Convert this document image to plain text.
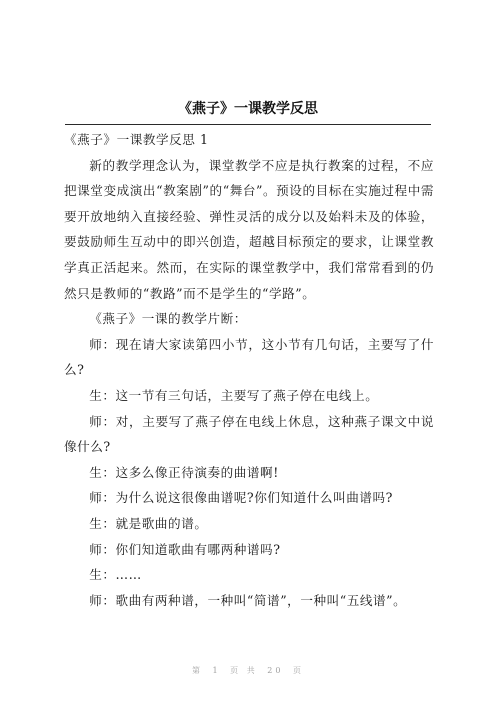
《燕子》一课教学反思

《燕子》一课教学反思 1

新的教学理念认为，课堂教学不应是执行教案的过程，不应把课堂变成演出“教案剧”的“舞台”。预设的目标在实施过程中需要开放地纳入直接经验、弹性灵活的成分以及始料未及的体验，要鼓励师生互动中的即兴创造，超越目标预定的要求，让课堂教学真正活起来。然而，在实际的课堂教学中，我们常常看到的仍然只是教师的“教路”而不是学生的“学路”。

《燕子》一课的教学片断：

师：现在请大家读第四小节，这小节有几句话，主要写了什么?

生：这一节有三句话，主要写了燕子停在电线上。

师：对，主要写了燕子停在电线上休息，这种燕子课文中说像什么?

生：这多么像正待演奏的曲谱啊!

师：为什么说这很像曲谱呢?你们知道什么叫曲谱吗?

生：就是歌曲的谱。

师：你们知道歌曲有哪两种谱吗?

生：……

师：歌曲有两种谱，一种叫“简谱”，一种叫“五线谱”。

第 1 页 共 20 页
